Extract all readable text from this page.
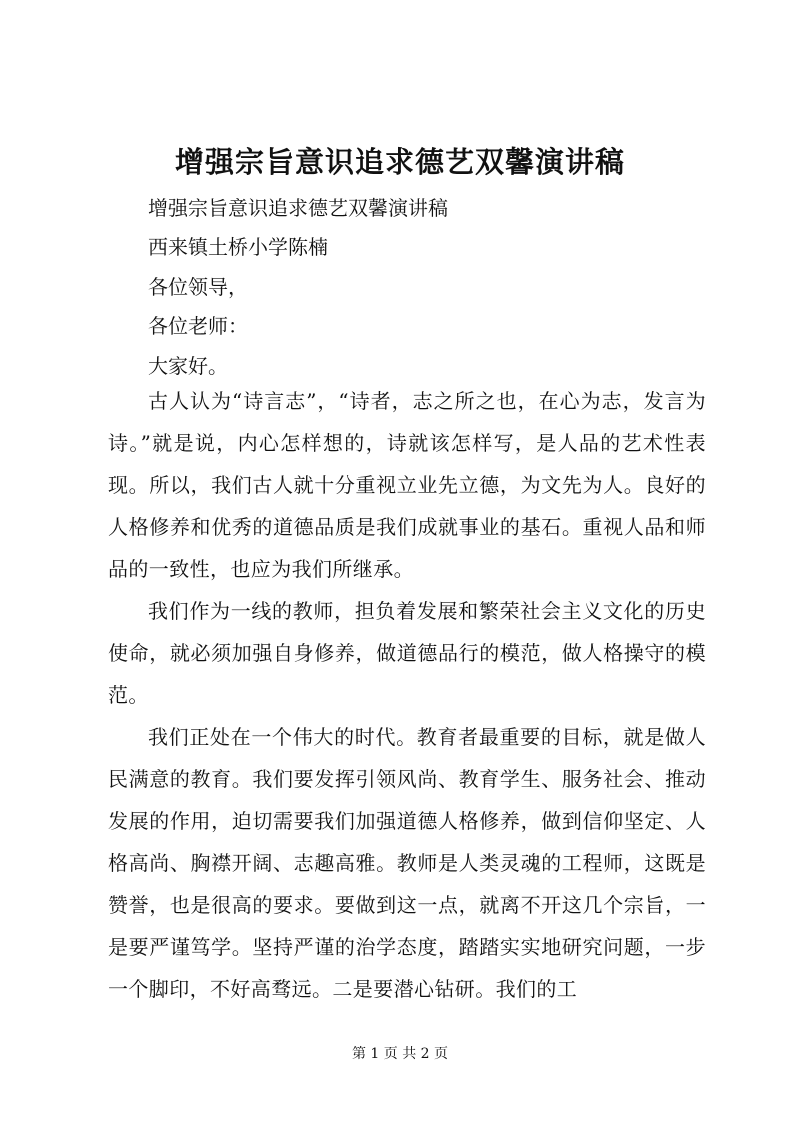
增强宗旨意识追求德艺双馨演讲稿
增强宗旨意识追求德艺双馨演讲稿
西来镇土桥小学陈楠
各位领导，
各位老师：
大家好。

古人认为“诗言志”，“诗者，志之所之也，在心为志，发言为诗。”就是说，内心怎样想的，诗就该怎样写，是人品的艺术性表现。所以，我们古人就十分重视立业先立德，为文先为人。良好的人格修养和优秀的道德品质是我们成就事业的基石。重视人品和师品的一致性，也应为我们所继承。

我们作为一线的教师，担负着发展和繁荣社会主义文化的历史使命，就必须加强自身修养，做道德品行的模范，做人格操守的模范。

我们正处在一个伟大的时代。教育者最重要的目标，就是做人民满意的教育。我们要发挥引领风尚、教育学生、服务社会、推动发展的作用，迫切需要我们加强道德人格修养，做到信仰坚定、人格高尚、胸襟开阔、志趣高雅。教师是人类灵魂的工程师，这既是赞誉，也是很高的要求。要做到这一点，就离不开这几个宗旨，一是要严谨笃学。坚持严谨的治学态度，踏踏实实地研究问题，一步一个脚印，不好高骛远。二是要潜心钻研。我们的工

第 1 页 共 2 页
